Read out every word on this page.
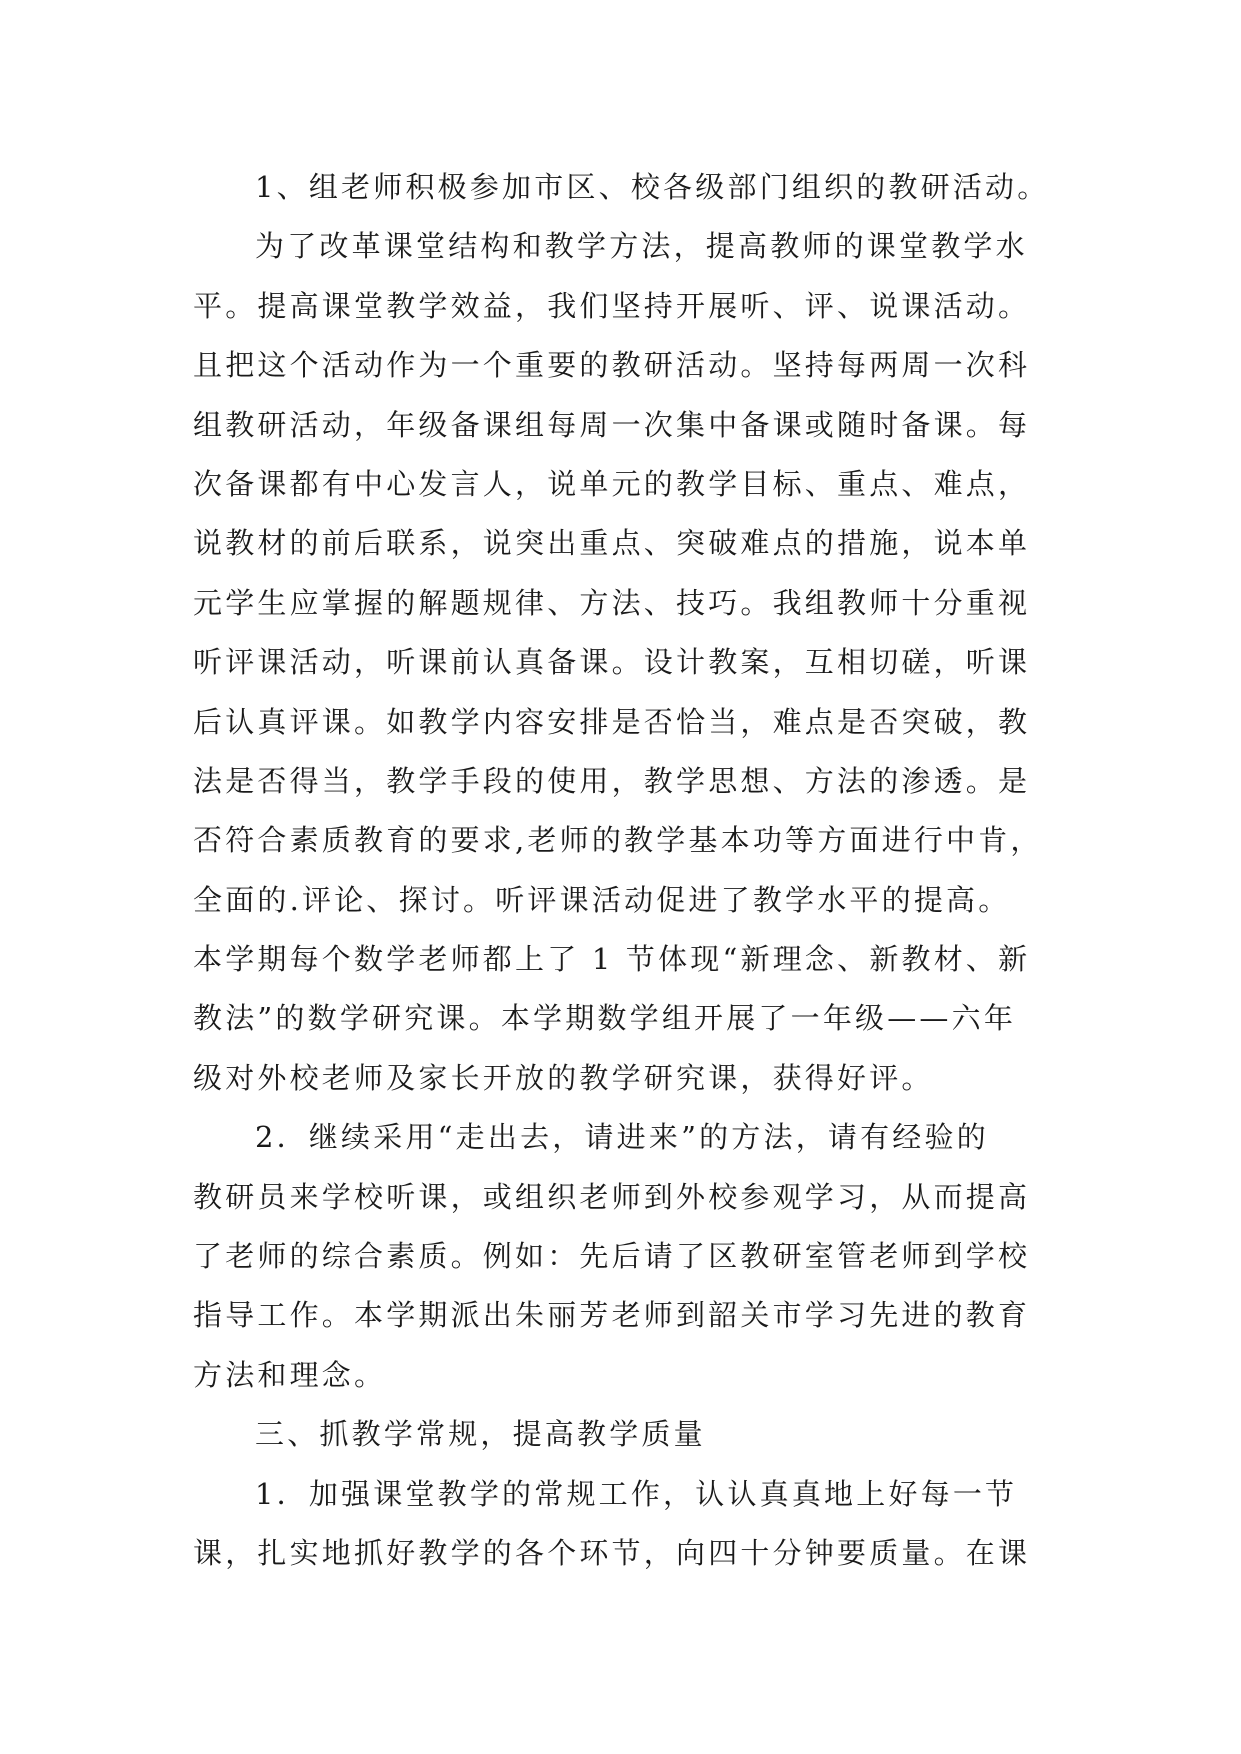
1、组老师积极参加市区、校各级部门组织的教研活动。
为了改革课堂结构和教学方法，提高教师的课堂教学水
平。提高课堂教学效益，我们坚持开展听、评、说课活动。
且把这个活动作为一个重要的教研活动。坚持每两周一次科
组教研活动，年级备课组每周一次集中备课或随时备课。每
次备课都有中心发言人，说单元的教学目标、重点、难点，
说教材的前后联系，说突出重点、突破难点的措施，说本单
元学生应掌握的解题规律、方法、技巧。我组教师十分重视
听评课活动，听课前认真备课。设计教案，互相切磋，听课
后认真评课。如教学内容安排是否恰当，难点是否突破，教
法是否得当，教学手段的使用，教学思想、方法的渗透。是
否符合素质教育的要求,老师的教学基本功等方面进行中肯，
全面的.评论、探讨。听评课活动促进了教学水平的提高。
本学期每个数学老师都上了 1 节体现“新理念、新教材、新
教法”的数学研究课。本学期数学组开展了一年级——六年
级对外校老师及家长开放的教学研究课，获得好评。
2．继续采用“走出去，请进来”的方法，请有经验的
教研员来学校听课，或组织老师到外校参观学习，从而提高
了老师的综合素质。例如：先后请了区教研室管老师到学校
指导工作。本学期派出朱丽芳老师到韶关市学习先进的教育
方法和理念。
三、抓教学常规，提高教学质量
1．加强课堂教学的常规工作，认认真真地上好每一节
课，扎实地抓好教学的各个环节，向四十分钟要质量。在课
